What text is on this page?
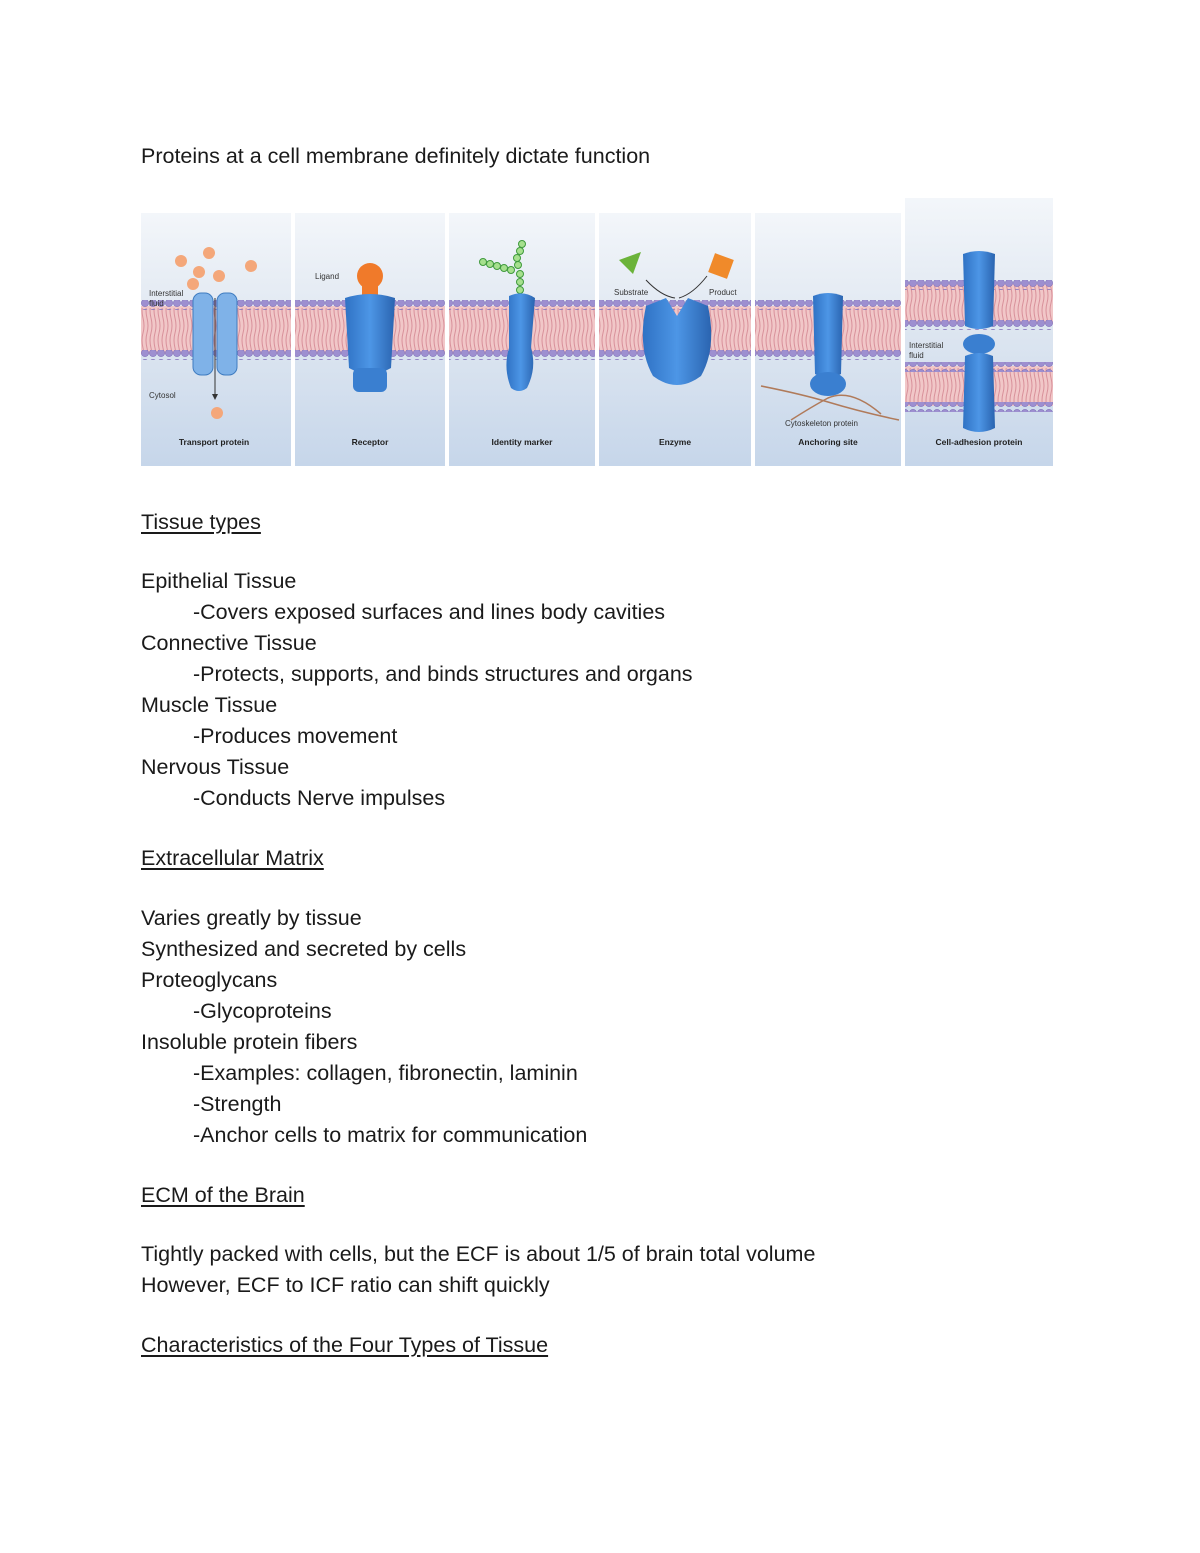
Proteins at a cell membrane definitely dictate function
Interstitial
fluid
Cytosol
Ligand
Substrate	Product
Cytoskeleton protein
Interstitial
fluid
Transport protein	Receptor	Identity marker	Enzyme	Anchoring site	Cell-adhesion protein
Tissue types
Epithelial Tissue
-Covers exposed surfaces and lines body cavities
Connective Tissue
-Protects, supports, and binds structures and organs
Muscle Tissue
-Produces movement
Nervous Tissue
-Conducts Nerve impulses
Extracellular Matrix
Varies greatly by tissue
Synthesized and secreted by cells
Proteoglycans
-Glycoproteins
Insoluble protein fibers
-Examples: collagen, fibronectin, laminin
-Strength
-Anchor cells to matrix for communication
ECM of the Brain
Tightly packed with cells, but the ECF is about 1/5 of brain total volume
However, ECF to ICF ratio can shift quickly
Characteristics of the Four Types of Tissue
